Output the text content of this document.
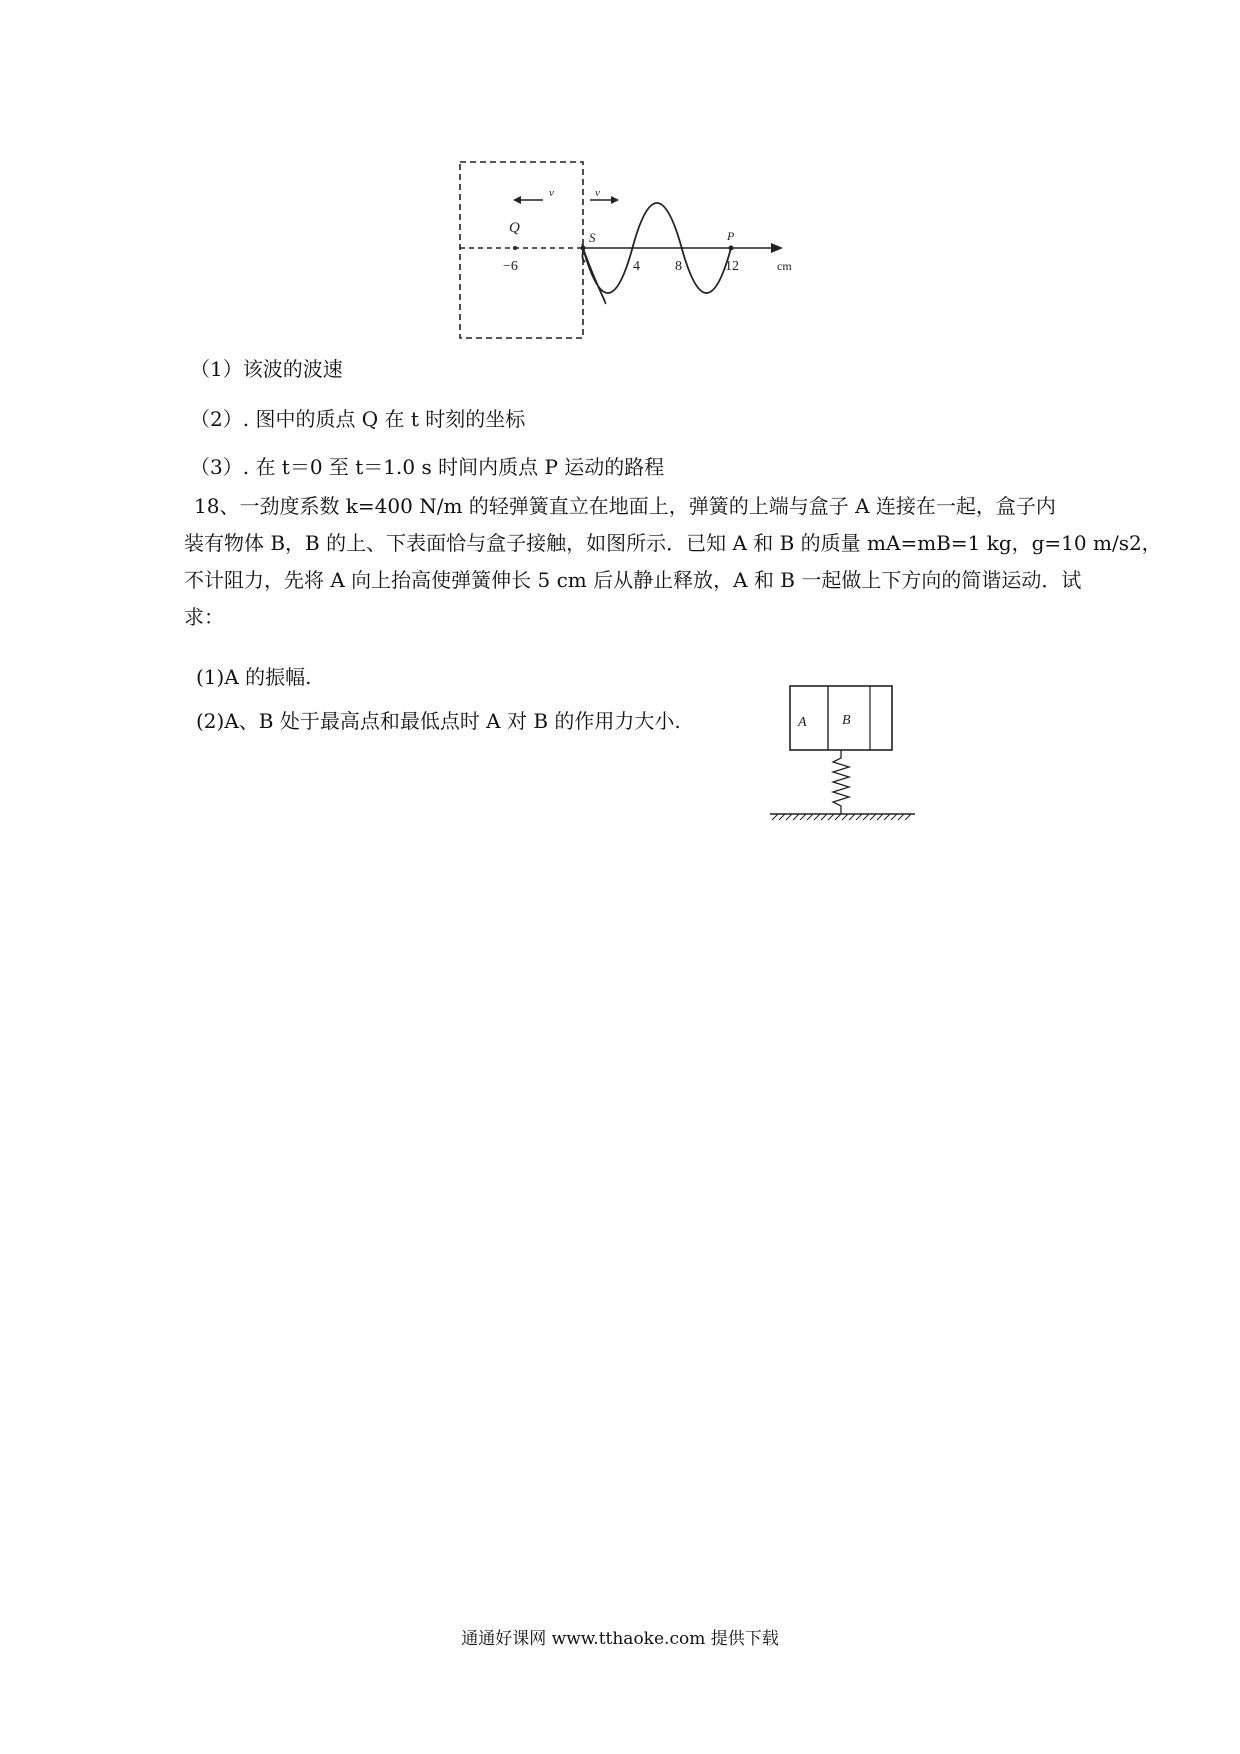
v	v
Q
S	P
−6	4	8	12	cm
（1）该波的波速
（2）. 图中的质点 Q 在 t 时刻的坐标
（3）. 在 t＝0 至 t＝1.0 s 时间内质点 P 运动的路程
18、一劲度系数 k=400 N/m 的轻弹簧直立在地面上，弹簧的上端与盒子 A 连接在一起，盒子内
装有物体 B，B 的上、下表面恰与盒子接触，如图所示．已知 A 和 B 的质量 mA=mB=1 kg，g=10 m/s2，
不计阻力，先将 A 向上抬高使弹簧伸长 5 cm 后从静止释放，A 和 B 一起做上下方向的简谐运动．试
求：
(1)A 的振幅.
(2)A、B 处于最高点和最低点时 A 对 B 的作用力大小.	A	B
通通好课网 www.tthaoke.com 提供下载
